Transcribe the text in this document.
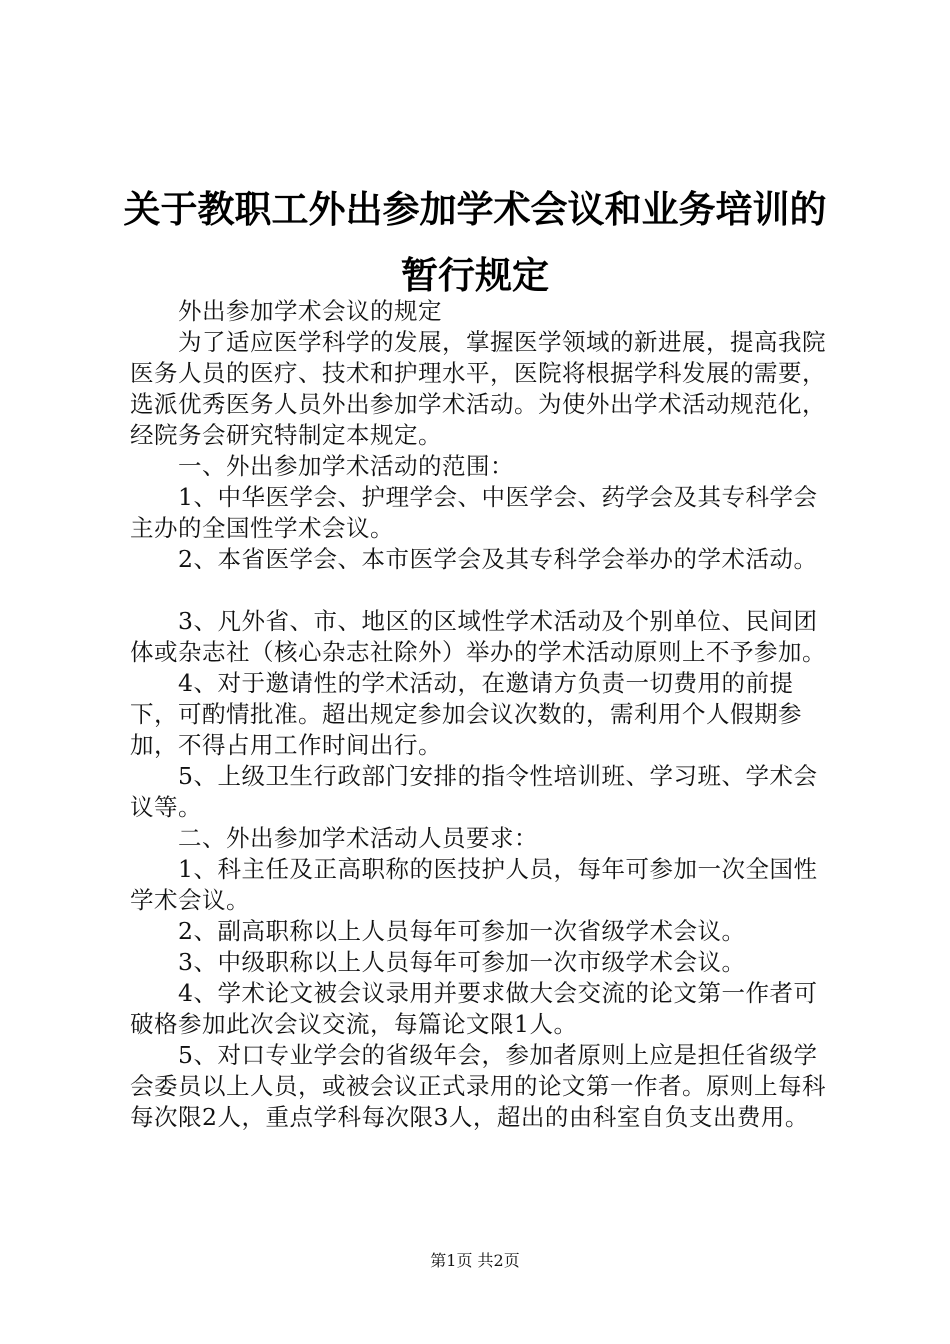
关于教职工外出参加学术会议和业务培训的暂行规定

外出参加学术会议的规定

为了适应医学科学的发展，掌握医学领域的新进展，提高我院医务人员的医疗、技术和护理水平，医院将根据学科发展的需要，选派优秀医务人员外出参加学术活动。为使外出学术活动规范化，经院务会研究特制定本规定。

一、外出参加学术活动的范围：

1、中华医学会、护理学会、中医学会、药学会及其专科学会主办的全国性学术会议。

2、本省医学会、本市医学会及其专科学会举办的学术活动。

3、凡外省、市、地区的区域性学术活动及个别单位、民间团体或杂志社（核心杂志社除外）举办的学术活动原则上不予参加。

4、对于邀请性的学术活动，在邀请方负责一切费用的前提下，可酌情批准。超出规定参加会议次数的，需利用个人假期参加，不得占用工作时间出行。

5、上级卫生行政部门安排的指令性培训班、学习班、学术会议等。

二、外出参加学术活动人员要求：

1、科主任及正高职称的医技护人员，每年可参加一次全国性学术会议。

2、副高职称以上人员每年可参加一次省级学术会议。

3、中级职称以上人员每年可参加一次市级学术会议。

4、学术论文被会议录用并要求做大会交流的论文第一作者可破格参加此次会议交流，每篇论文限1人。

5、对口专业学会的省级年会，参加者原则上应是担任省级学会委员以上人员，或被会议正式录用的论文第一作者。原则上每科每次限2人，重点学科每次限3人，超出的由科室自负支出费用。

第1页 共2页
